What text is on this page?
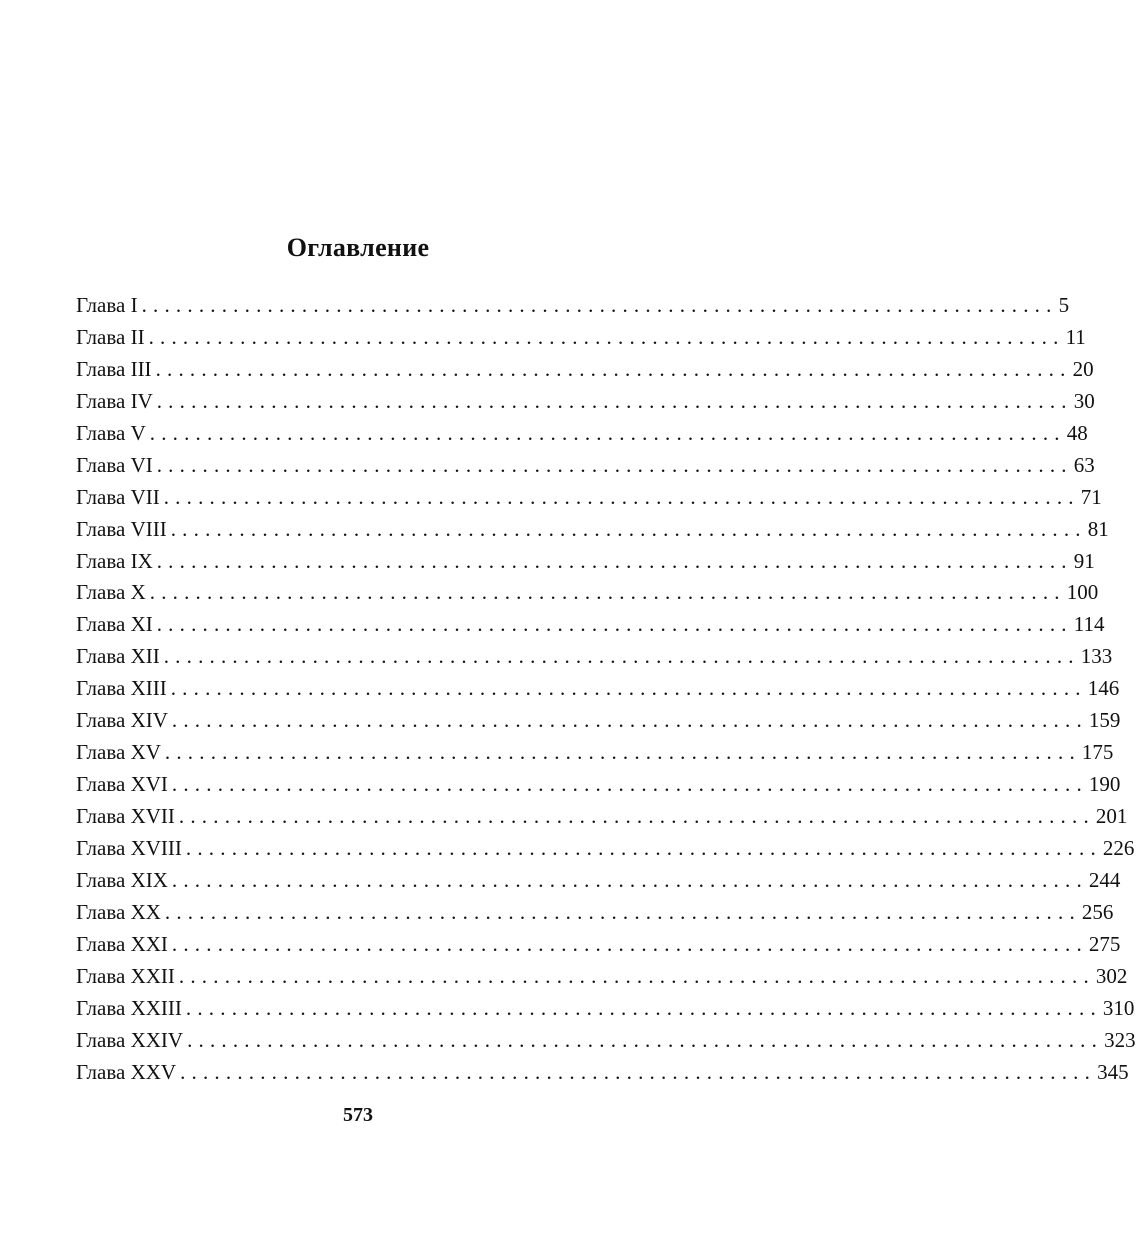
Оглавление
Глава I ................................................................................ 5
Глава II ................................................................................ 11
Глава III ................................................................................ 20
Глава IV ................................................................................ 30
Глава V ................................................................................ 48
Глава VI ................................................................................ 63
Глава VII ................................................................................ 71
Глава VIII ................................................................................ 81
Глава IX ................................................................................ 91
Глава X ................................................................................ 100
Глава XI ................................................................................ 114
Глава XII ................................................................................ 133
Глава XIII ................................................................................ 146
Глава XIV ................................................................................ 159
Глава XV ................................................................................ 175
Глава XVI ................................................................................ 190
Глава XVII ................................................................................ 201
Глава XVIII ................................................................................ 226
Глава XIX ................................................................................ 244
Глава XX ................................................................................ 256
Глава XXI ................................................................................ 275
Глава XXII ................................................................................ 302
Глава XXIII ................................................................................ 310
Глава XXIV ................................................................................ 323
Глава XXV ................................................................................ 345
573
